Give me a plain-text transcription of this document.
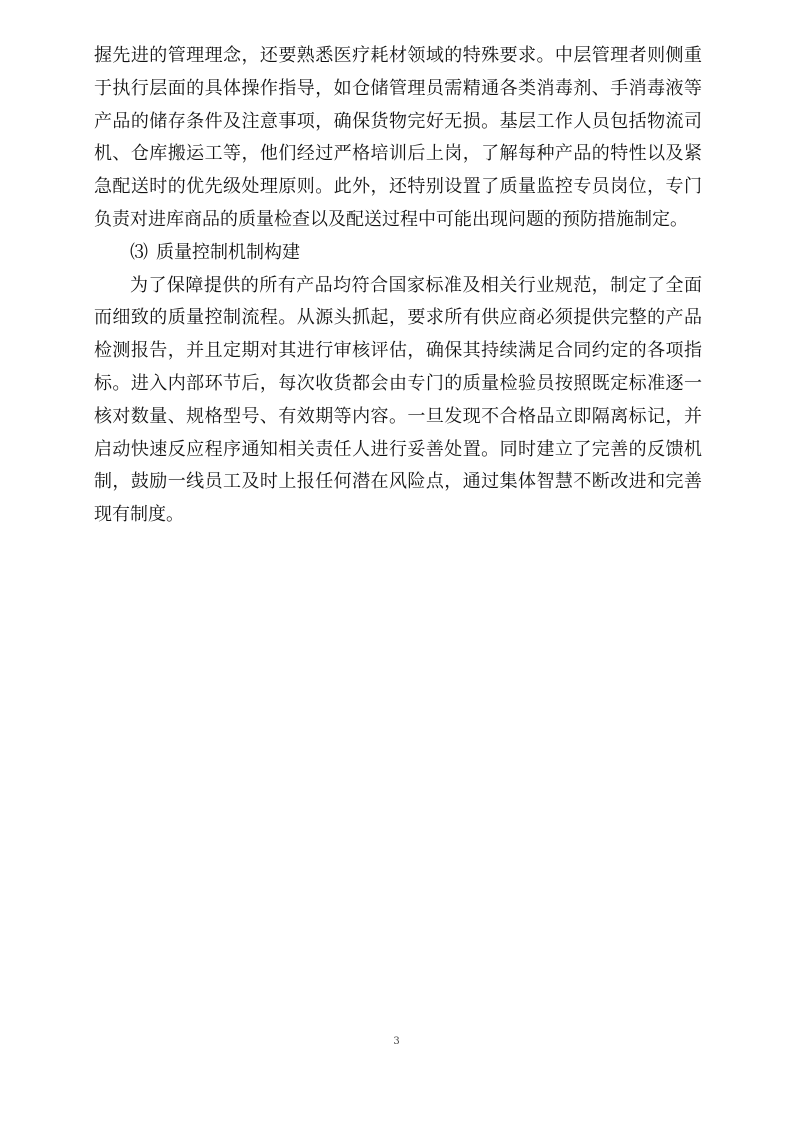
握先进的管理理念，还要熟悉医疗耗材领域的特殊要求。中层管理者则侧重于执行层面的具体操作指导，如仓储管理员需精通各类消毒剂、手消毒液等产品的储存条件及注意事项，确保货物完好无损。基层工作人员包括物流司机、仓库搬运工等，他们经过严格培训后上岗，了解每种产品的特性以及紧急配送时的优先级处理原则。此外，还特别设置了质量监控专员岗位，专门负责对进库商品的质量检查以及配送过程中可能出现问题的预防措施制定。

⑶ 质量控制机制构建

为了保障提供的所有产品均符合国家标准及相关行业规范，制定了全面而细致的质量控制流程。从源头抓起，要求所有供应商必须提供完整的产品检测报告，并且定期对其进行审核评估，确保其持续满足合同约定的各项指标。进入内部环节后，每次收货都会由专门的质量检验员按照既定标准逐一核对数量、规格型号、有效期等内容。一旦发现不合格品立即隔离标记，并启动快速反应程序通知相关责任人进行妥善处置。同时建立了完善的反馈机制，鼓励一线员工及时上报任何潜在风险点，通过集体智慧不断改进和完善现有制度。

3
